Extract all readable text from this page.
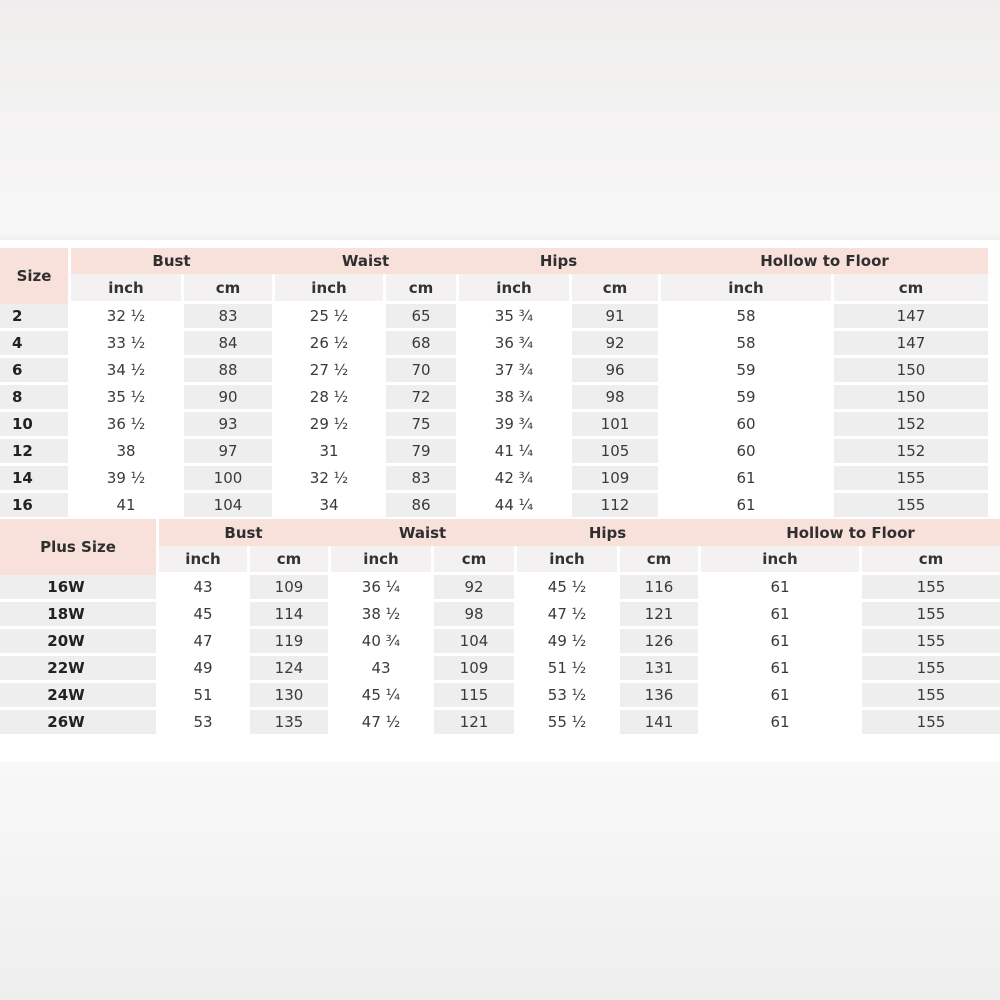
Size
Bust	Waist	Hips	Hollow to Floor
inch	cm	inch	cm	inch	cm	inch	cm
2	32 ½	83	25 ½	65	35 ¾	91	58	147
4	33 ½	84	26 ½	68	36 ¾	92	58	147
6	34 ½	88	27 ½	70	37 ¾	96	59	150
8	35 ½	90	28 ½	72	38 ¾	98	59	150
10	36 ½	93	29 ½	75	39 ¾	101	60	152
12	38	97	31	79	41 ¼	105	60	152
14	39 ½	100	32 ½	83	42 ¾	109	61	155
16	41	104	34	86	44 ¼	112	61	155
Plus Size
Bust	Waist	Hips	Hollow to Floor
inch	cm	inch	cm	inch	cm	inch	cm
16W	43	109	36 ¼	92	45 ½	116	61	155
18W	45	114	38 ½	98	47 ½	121	61	155
20W	47	119	40 ¾	104	49 ½	126	61	155
22W	49	124	43	109	51 ½	131	61	155
24W	51	130	45 ¼	115	53 ½	136	61	155
26W	53	135	47 ½	121	55 ½	141	61	155
